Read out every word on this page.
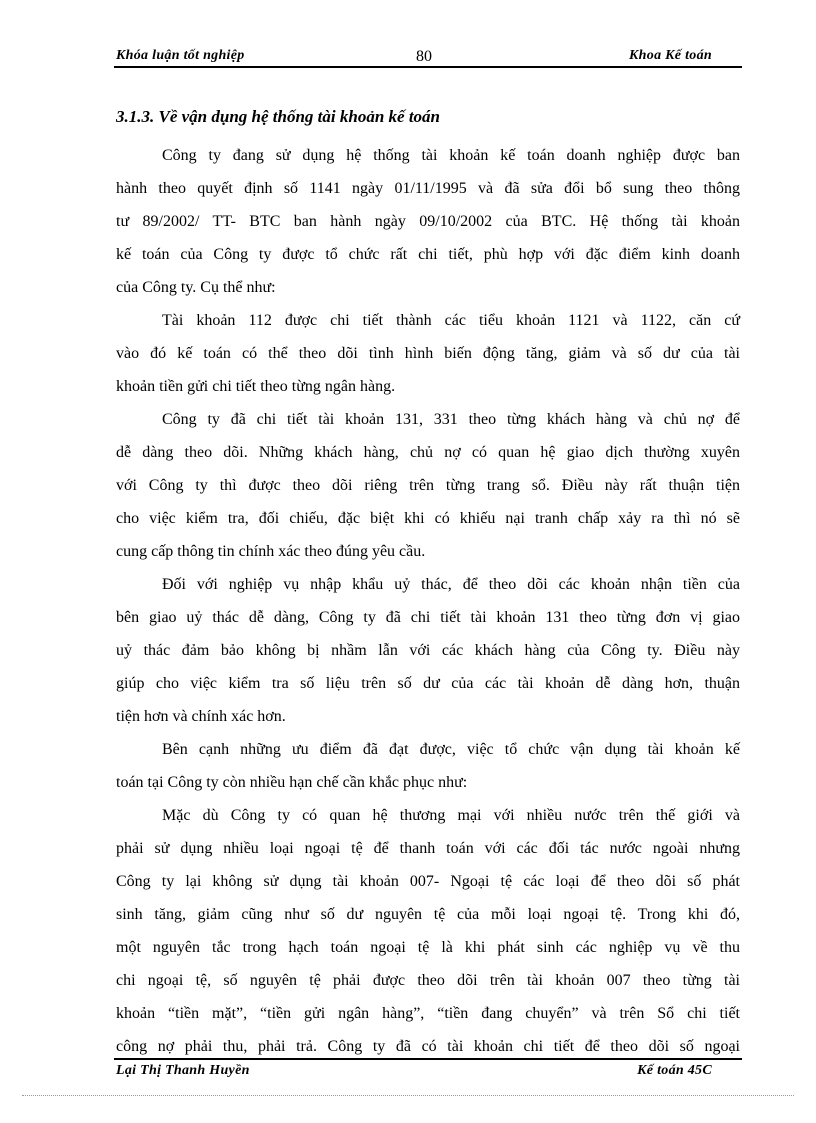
Khóa luận tốt nghiệp	80	Khoa Kế toán
3.1.3. Về vận dụng hệ thống tài khoản kế toán
Công ty đang sử dụng hệ thống tài khoản kế toán doanh nghiệp được ban
hành theo quyết định số 1141 ngày 01/11/1995 và đã sửa đổi bổ sung theo thông
tư 89/2002/ TT- BTC ban hành ngày 09/10/2002 của BTC. Hệ thống tài khoản
kế toán của Công ty được tổ chức rất chi tiết, phù hợp với đặc điểm kinh doanh
của Công ty. Cụ thể như:
Tài khoản 112 được chi tiết thành các tiểu khoản 1121 và 1122, căn cứ
vào đó kế toán có thể theo dõi tình hình biến động tăng, giảm và số dư của tài
khoản tiền gửi chi tiết theo từng ngân hàng.
Công ty đã chi tiết tài khoản 131, 331 theo từng khách hàng và chủ nợ để
dễ dàng theo dõi. Những khách hàng, chủ nợ có quan hệ giao dịch thường xuyên
với Công ty thì được theo dõi riêng trên từng trang sổ. Điều này rất thuận tiện
cho việc kiểm tra, đối chiếu, đặc biệt khi có khiếu nại tranh chấp xảy ra thì nó sẽ
cung cấp thông tin chính xác theo đúng yêu cầu.
Đối với nghiệp vụ nhập khẩu uỷ thác, để theo dõi các khoản nhận tiền của
bên giao uỷ thác dễ dàng, Công ty đã chi tiết tài khoản 131 theo từng đơn vị giao
uỷ thác đảm bảo không bị nhầm lẫn với các khách hàng của Công ty. Điều này
giúp cho việc kiểm tra số liệu trên số dư của các tài khoản dễ dàng hơn, thuận
tiện hơn và chính xác hơn.
Bên cạnh những ưu điểm đã đạt được, việc tổ chức vận dụng tài khoản kế
toán tại Công ty còn nhiều hạn chế cần khắc phục như:
Mặc dù Công ty có quan hệ thương mại với nhiều nước trên thế giới và
phải sử dụng nhiều loại ngoại tệ để thanh toán với các đối tác nước ngoài nhưng
Công ty lại không sử dụng tài khoản 007- Ngoại tệ các loại để theo dõi số phát
sinh tăng, giảm cũng như số dư nguyên tệ của mỗi loại ngoại tệ. Trong khi đó,
một nguyên tắc trong hạch toán ngoại tệ là khi phát sinh các nghiệp vụ về thu
chi ngoại tệ, số nguyên tệ phải được theo dõi trên tài khoản 007 theo từng tài
khoản “tiền mặt”, “tiền gửi ngân hàng”, “tiền đang chuyển” và trên Sổ chi tiết
công nợ phải thu, phải trả. Công ty đã có tài khoản chi tiết để theo dõi số ngoại
Lại Thị Thanh Huyền	Kế toán 45C
